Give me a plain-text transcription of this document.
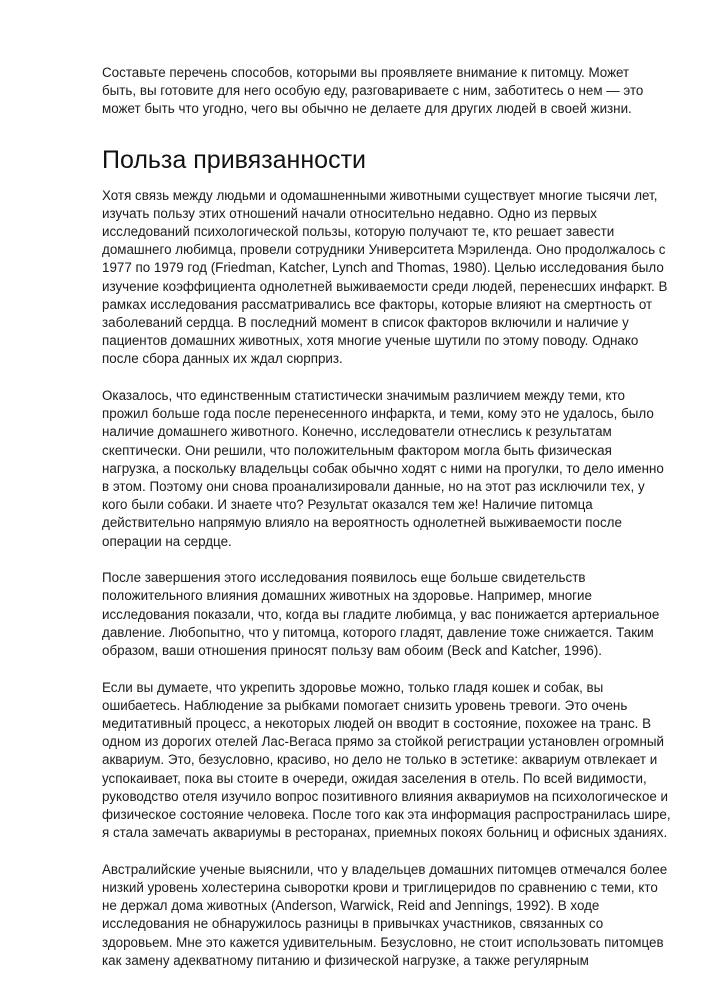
Составьте перечень способов, которыми вы проявляете внимание к питомцу. Может
быть, вы готовите для него особую еду, разговариваете с ним, заботитесь о нем — это
может быть что угодно, чего вы обычно не делаете для других людей в своей жизни.

Польза привязанности

Хотя связь между людьми и одомашненными животными существует многие тысячи лет,
изучать пользу этих отношений начали относительно недавно. Одно из первых
исследований психологической пользы, которую получают те, кто решает завести
домашнего любимца, провели сотрудники Университета Мэриленда. Оно продолжалось с
1977 по 1979 год (Friedman, Katcher, Lynch and Thomas, 1980). Целью исследования было
изучение коэффициента однолетней выживаемости среди людей, перенесших инфаркт. В
рамках исследования рассматривались все факторы, которые влияют на смертность от
заболеваний сердца. В последний момент в список факторов включили и наличие у
пациентов домашних животных, хотя многие ученые шутили по этому поводу. Однако
после сбора данных их ждал сюрприз.

Оказалось, что единственным статистически значимым различием между теми, кто
прожил больше года после перенесенного инфаркта, и теми, кому это не удалось, было
наличие домашнего животного. Конечно, исследователи отнеслись к результатам
скептически. Они решили, что положительным фактором могла быть физическая
нагрузка, а поскольку владельцы собак обычно ходят с ними на прогулки, то дело именно
в этом. Поэтому они снова проанализировали данные, но на этот раз исключили тех, у
кого были собаки. И знаете что? Результат оказался тем же! Наличие питомца
действительно напрямую влияло на вероятность однолетней выживаемости после
операции на сердце.

После завершения этого исследования появилось еще больше свидетельств
положительного влияния домашних животных на здоровье. Например, многие
исследования показали, что, когда вы гладите любимца, у вас понижается артериальное
давление. Любопытно, что у питомца, которого гладят, давление тоже снижается. Таким
образом, ваши отношения приносят пользу вам обоим (Beck and Katcher, 1996).

Если вы думаете, что укрепить здоровье можно, только гладя кошек и собак, вы
ошибаетесь. Наблюдение за рыбками помогает снизить уровень тревоги. Это очень
медитативный процесс, а некоторых людей он вводит в состояние, похожее на транс. В
одном из дорогих отелей Лас-Вегаса прямо за стойкой регистрации установлен огромный
аквариум. Это, безусловно, красиво, но дело не только в эстетике: аквариум отвлекает и
успокаивает, пока вы стоите в очереди, ожидая заселения в отель. По всей видимости,
руководство отеля изучило вопрос позитивного влияния аквариумов на психологическое и
физическое состояние человека. После того как эта информация распространилась шире,
я стала замечать аквариумы в ресторанах, приемных покоях больниц и офисных зданиях.

Австралийские ученые выяснили, что у владельцев домашних питомцев отмечался более
низкий уровень холестерина сыворотки крови и триглицеридов по сравнению с теми, кто
не держал дома животных (Anderson, Warwick, Reid and Jennings, 1992). В ходе
исследования не обнаружилось разницы в привычках участников, связанных со
здоровьем. Мне это кажется удивительным. Безусловно, не стоит использовать питомцев
как замену адекватному питанию и физической нагрузке, а также регулярным
